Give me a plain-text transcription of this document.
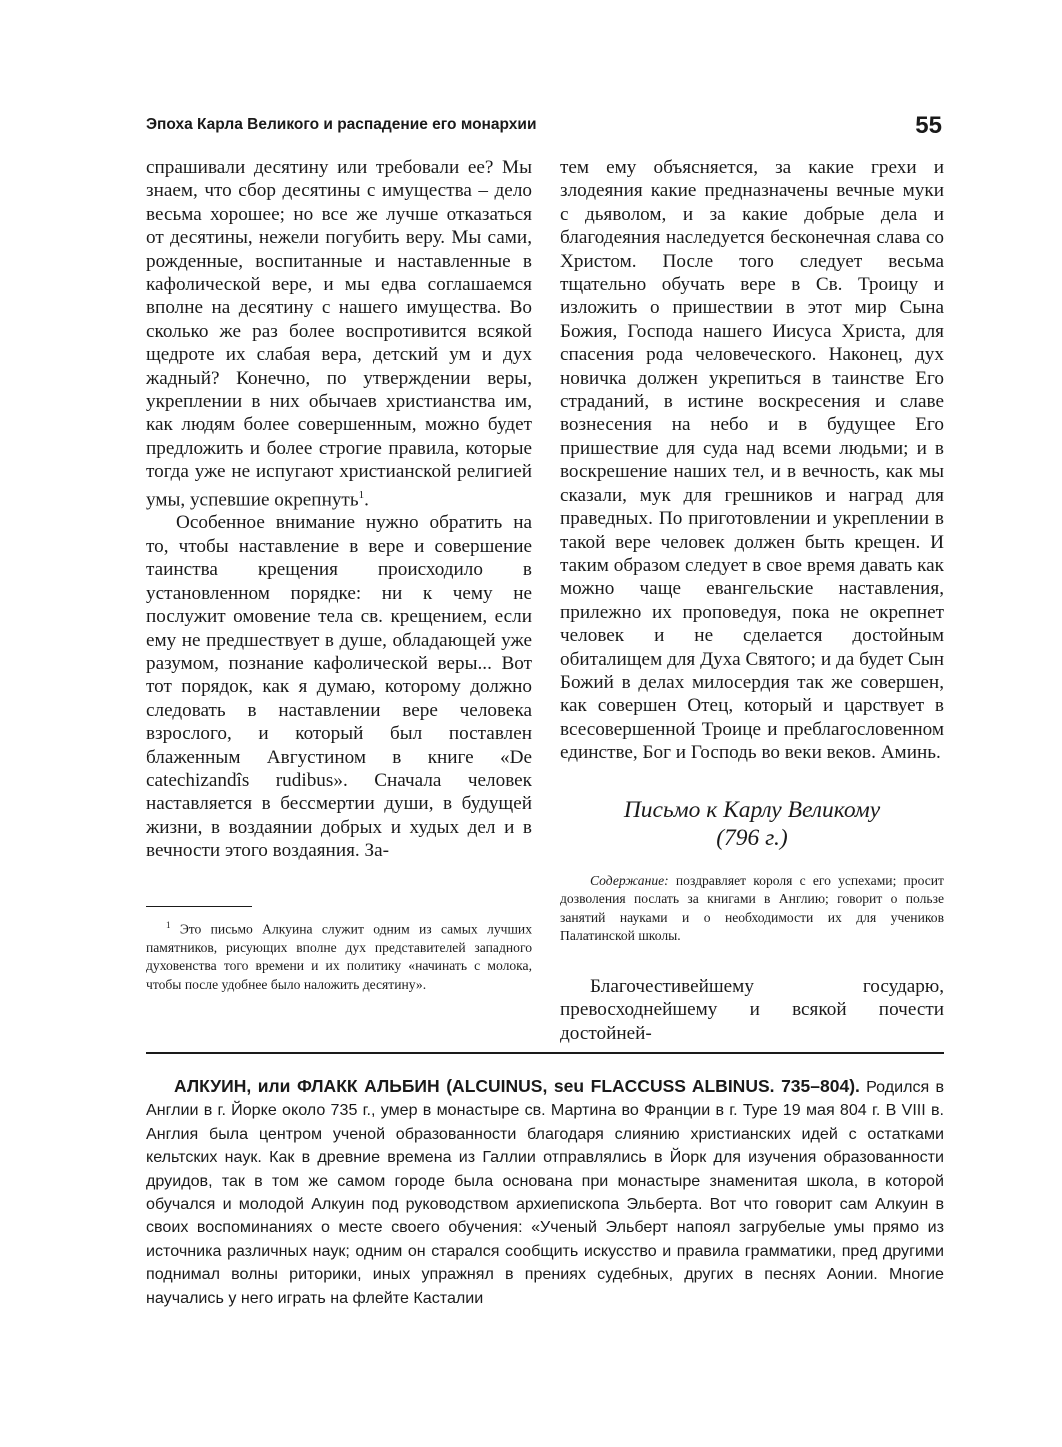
Эпоха Карла Великого и распадение его монархии	55

спрашивали десятину или требовали ее? Мы знаем, что сбор десятины с имущества – дело весьма хорошее; но все же лучше отказаться от десятины, нежели погубить веру. Мы сами, рожденные, воспитанные и наставленные в кафолической вере, и мы едва соглашаемся вполне на десятину с нашего имущества. Во сколько же раз более воспротивится всякой щедроте их слабая вера, детский ум и дух жадный? Конечно, по утверждении веры, укреплении в них обычаев христианства им, как людям более совершенным, можно будет предложить и более строгие правила, которые тогда уже не испугают христианской религией умы, успевшие окрепнуть$^1$.

Особенное внимание нужно обратить на то, чтобы наставление в вере и совершение таинства крещения происходило в установленном порядке: ни к чему не послужит омовение тела св. крещением, если ему не предшествует в душе, обладающей уже разумом, познание кафолической веры... Вот тот порядок, как я думаю, которому должно следовать в наставлении вере человека взрослого, и который был поставлен блаженным Августином в книге «De catechizandîs rudibus». Сначала человек наставляется в бессмертии души, в будущей жизни, в воздаянии добрых и худых дел и в вечности этого воздаяния. За-

$^1$ Это письмо Алкуина служит одним из самых лучших памятников, рисующих вполне дух представителей западного духовенства того времени и их политику «начинать с молока, чтобы после удобнее было наложить десятину».

тем ему объясняется, за какие грехи и злодеяния какие предназначены вечные муки с дьяволом, и за какие добрые дела и благодеяния наследуется бесконечная слава со Христом. После того следует весьма тщательно обучать вере в Св. Троицу и изложить о пришествии в этот мир Сына Божия, Господа нашего Иисуса Христа, для спасения рода человеческого. Наконец, дух новичка должен укрепиться в таинстве Его страданий, в истине воскресения и славе вознесения на небо и в будущее Его пришествие для суда над всеми людьми; и в воскрешение наших тел, и в вечность, как мы сказали, мук для грешников и наград для праведных. По приготовлении и укреплении в такой вере человек должен быть крещен. И таким образом следует в свое время давать как можно чаще евангельские наставления, прилежно их проповедуя, пока не окрепнет человек и не сделается достойным обиталищем для Духа Святого; и да будет Сын Божий в делах милосердия так же совершен, как совершен Отец, который и царствует в всесовершенной Троице и преблагословенном единстве, Бог и Господь во веки веков. Аминь.

Письмо к Карлу Великому
(796 г.)
Содержание: поздравляет короля с его успехами; просит дозволения послать за книгами в Англию; говорит о пользе занятий науками и о необходимости их для учеников Палатинской школы.
Благочестивейшему государю, превосходнейшему и всякой почести достойней-
АЛКУИН, или ФЛАКК АЛЬБИН (ALCUINUS, seu FLACCUSS ALBINUS. 735–804). Родился в Англии в г. Йорке около 735 г., умер в монастыре св. Мартина во Франции в г. Туре 19 мая 804 г. В VIII в. Англия была центром ученой образованности благодаря слиянию христианских идей с остатками кельтских наук. Как в древние времена из Галлии отправлялись в Йорк для изучения образованности друидов, так в том же самом городе была основана при монастыре знаменитая школа, в которой обучался и молодой Алкуин под руководством архиепископа Эльберта. Вот что говорит сам Алкуин в своих воспоминаниях о месте своего обучения: «Ученый Эльберт напоял загрубелые умы прямо из источника различных наук; одним он старался сообщить искусство и правила грамматики, пред другими поднимал волны риторики, иных упражнял в прениях судебных, других в песнях Аонии. Многие научались у него играть на флейте Касталии
